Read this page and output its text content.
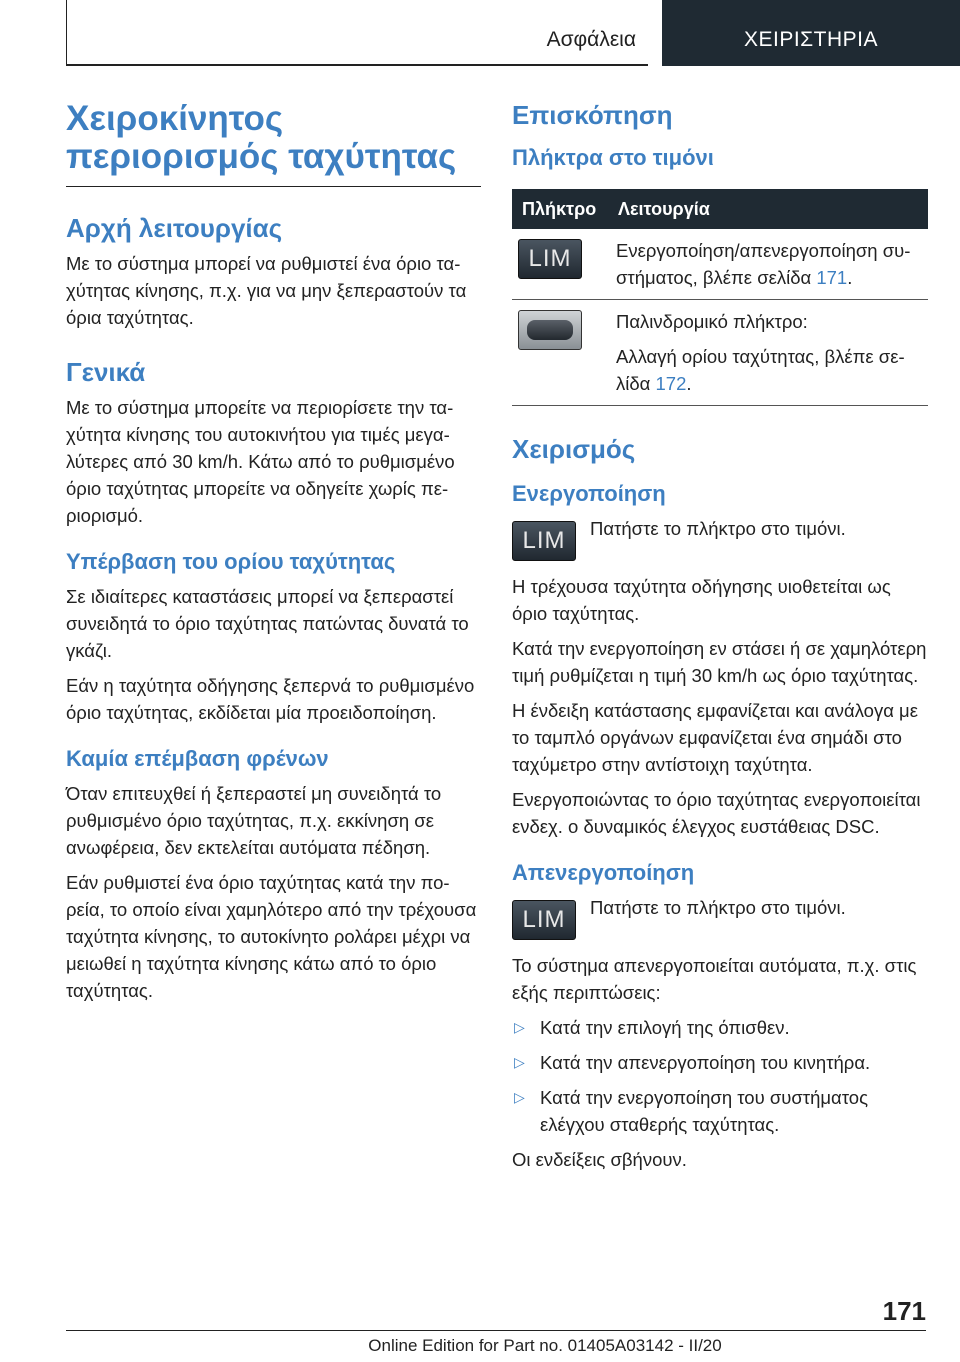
Ασφάλεια	ΧΕΙΡΙΣΤΗΡΙΑ
Χειροκίνητος περιορισμός ταχύτητας
Αρχή λειτουργίας
Με το σύστημα μπορεί να ρυθμιστεί ένα όριο ταχύτητας κίνησης, π.χ. για να μην ξεπεραστούν τα όρια ταχύτητας.
Γενικά
Με το σύστημα μπορείτε να περιορίσετε την ταχύτητα κίνησης του αυτοκινήτου για τιμές μεγαλύτερες από 30 km/h. Κάτω από το ρυθμισμένο όριο ταχύτητας μπορείτε να οδηγείτε χωρίς περιορισμό.
Υπέρβαση του ορίου ταχύτητας
Σε ιδιαίτερες καταστάσεις μπορεί να ξεπεραστεί συνειδητά το όριο ταχύτητας πατώντας δυνατά το γκάζι.
Εάν η ταχύτητα οδήγησης ξεπερνά το ρυθμισμένο όριο ταχύτητας, εκδίδεται μία προειδοποίηση.
Καμία επέμβαση φρένων
Όταν επιτευχθεί ή ξεπεραστεί μη συνειδητά το ρυθμισμένο όριο ταχύτητας, π.χ. εκκίνηση σε ανωφέρεια, δεν εκτελείται αυτόματα πέδηση.
Εάν ρυθμιστεί ένα όριο ταχύτητας κατά την πορεία, το οποίο είναι χαμηλότερο από την τρέχουσα ταχύτητα κίνησης, το αυτοκίνητο ρολάρει μέχρι να μειωθεί η ταχύτητα κίνησης κάτω από το όριο ταχύτητας.
Επισκόπηση
Πλήκτρα στο τιμόνι
Πλήκτρο	Λειτουργία
LIM	Ενεργοποίηση/απενεργοποίηση συστήματος, βλέπε σελίδα 171.

	Παλινδρομικό πλήκτρο:
Αλλαγή ορίου ταχύτητας, βλέπε σελίδα 172.
Χειρισμός
Ενεργοποίηση
LIM	Πατήστε το πλήκτρο στο τιμόνι.
Η τρέχουσα ταχύτητα οδήγησης υιοθετείται ως όριο ταχύτητας.
Κατά την ενεργοποίηση εν στάσει ή σε χαμηλότερη τιμή ρυθμίζεται η τιμή 30 km/h ως όριο ταχύτητας.
Η ένδειξη κατάστασης εμφανίζεται και ανάλογα με το ταμπλό οργάνων εμφανίζεται ένα σημάδι στο ταχύμετρο στην αντίστοιχη ταχύτητα.
Ενεργοποιώντας το όριο ταχύτητας ενεργοποιείται ενδεχ. ο δυναμικός έλεγχος ευστάθειας DSC.
Απενεργοποίηση
LIM	Πατήστε το πλήκτρο στο τιμόνι.
Το σύστημα απενεργοποιείται αυτόματα, π.χ. στις εξής περιπτώσεις:
▷ Κατά την επιλογή της όπισθεν.
▷ Κατά την απενεργοποίηση του κινητήρα.
▷ Κατά την ενεργοποίηση του συστήματος ελέγχου σταθερής ταχύτητας.
Οι ενδείξεις σβήνουν.
171
Online Edition for Part no. 01405A03142 - II/20
